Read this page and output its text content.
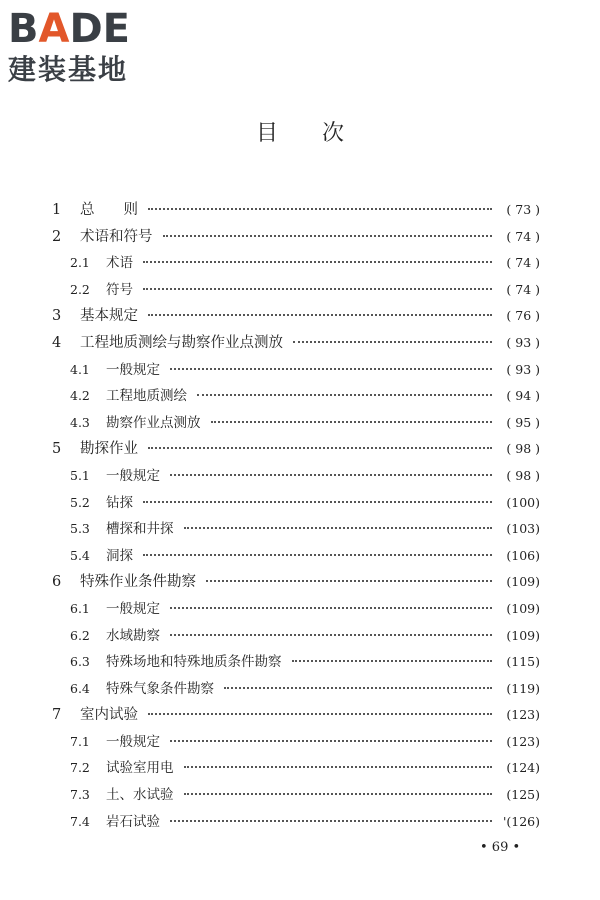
BADE
建装基地
目次
1	总　　则	( 73 )
2	术语和符号	( 74 )
2.1	术语	( 74 )
2.2	符号	( 74 )
3	基本规定	( 76 )
4	工程地质测绘与勘察作业点测放	( 93 )
4.1	一般规定	( 93 )
4.2	工程地质测绘	( 94 )
4.3	勘察作业点测放	( 95 )
5	勘探作业	( 98 )
5.1	一般规定	( 98 )
5.2	钻探	(100)
5.3	槽探和井探	(103)
5.4	洞探	(106)
6	特殊作业条件勘察	(109)
6.1	一般规定	(109)
6.2	水域勘察	(109)
6.3	特殊场地和特殊地质条件勘察	(115)
6.4	特殊气象条件勘察	(119)
7	室内试验	(123)
7.1	一般规定	(123)
7.2	试验室用电	(124)
7.3	土、水试验	(125)
7.4	岩石试验	'(126)
• 69 •
